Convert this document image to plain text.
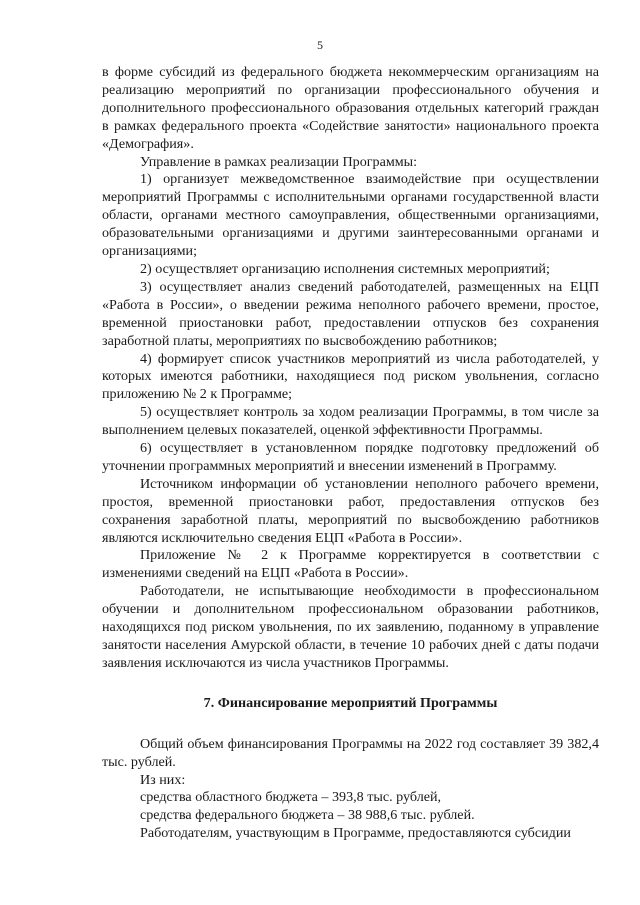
5

в форме субсидий из федерального бюджета некоммерческим организациям на реализацию мероприятий по организации профессионального обучения и дополнительного профессионального образования отдельных категорий граждан в рамках федерального проекта «Содействие занятости» национального проекта «Демография».

Управление в рамках реализации Программы:

1) организует межведомственное взаимодействие при осуществлении мероприятий Программы с исполнительными органами государственной власти области, органами местного самоуправления, общественными организациями, образовательными организациями и другими заинтересованными органами и организациями;

2) осуществляет организацию исполнения системных мероприятий;

3) осуществляет анализ сведений работодателей, размещенных на ЕЦП «Работа в России», о введении режима неполного рабочего времени, простое, временной приостановки работ, предоставлении отпусков без сохранения заработной платы, мероприятиях по высвобождению работников;

4) формирует список участников мероприятий из числа работодателей, у которых имеются работники, находящиеся под риском увольнения, согласно приложению № 2 к Программе;

5) осуществляет контроль за ходом реализации Программы, в том числе за выполнением целевых показателей, оценкой эффективности Программы.

6) осуществляет в установленном порядке подготовку предложений об уточнении программных мероприятий и внесении изменений в Программу.

Источником информации об установлении неполного рабочего времени, простоя, временной приостановки работ, предоставления отпусков без сохранения заработной платы, мероприятий по высвобождению работников являются исключительно сведения ЕЦП «Работа в России».

Приложение № 2 к Программе корректируется в соответствии с изменениями сведений на ЕЦП «Работа в России».

Работодатели, не испытывающие необходимости в профессиональном обучении и дополнительном профессиональном образовании работников, находящихся под риском увольнения, по их заявлению, поданному в управление занятости населения Амурской области, в течение 10 рабочих дней с даты подачи заявления исключаются из числа участников Программы.

7. Финансирование мероприятий Программы

Общий объем финансирования Программы на 2022 год составляет 39 382,4 тыс. рублей.

Из них:

средства областного бюджета – 393,8 тыс. рублей,

средства федерального бюджета – 38 988,6 тыс. рублей.

Работодателям, участвующим в Программе, предоставляются субсидии
